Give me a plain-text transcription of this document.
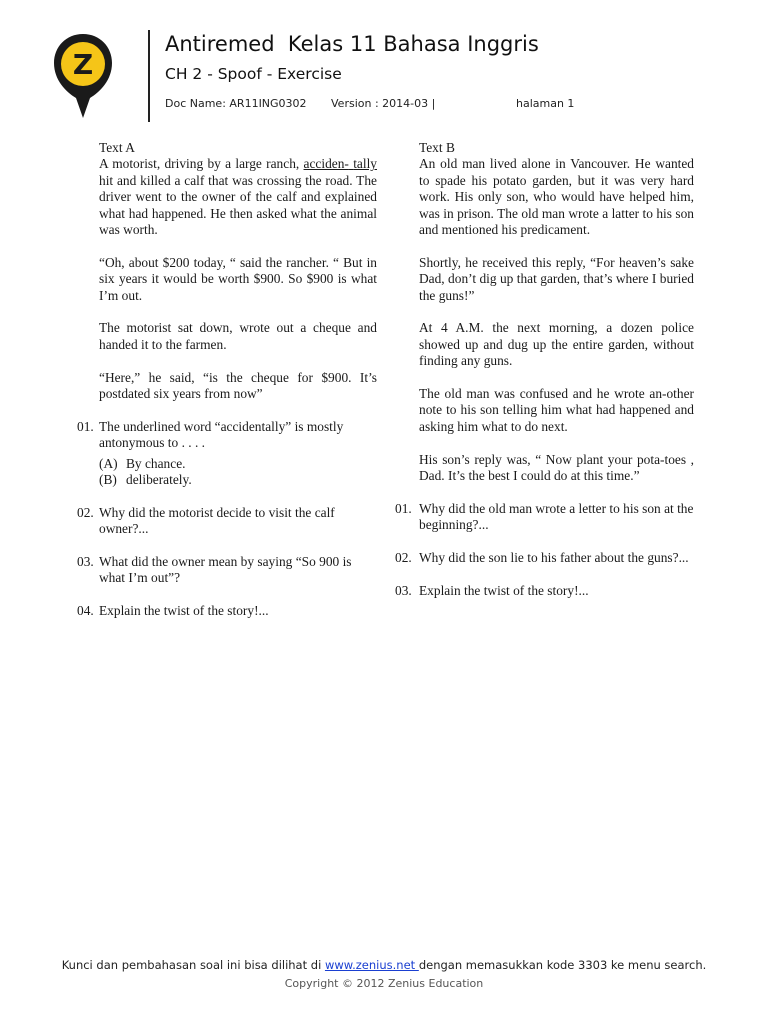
Z
Antiremed  Kelas 11 Bahasa Inggris
CH 2 - Spoof - Exercise
Doc Name: AR11ING0302 Version : 2014-03 |	halaman 1

Text A

A motorist, driving by a large ranch, acciden- tally hit and killed a calf that was crossing the road. The driver went to the owner of the calf and explained what had happened. He then asked what the animal was worth.

“Oh, about $200 today, “ said the rancher. “ But in six years it would be worth $900. So $900 is what I’m out.

The motorist sat down, wrote out a cheque and handed it to the farmen.

“Here,” he said, “is the cheque for $900. It’s postdated six years from now”

01. The underlined word “accidentally” is mostly antonymous to . . . .
(A) By chance.
(B) deliberately.
02. Why did the motorist decide to visit the calf owner?...
03. What did the owner mean by saying “So 900 is what I’m out”?
04. Explain the twist of the story!...

Text B

An old man lived alone in Vancouver. He wanted to spade his potato garden, but it was very hard work. His only son, who would have helped him, was in prison. The old man wrote a latter to his son and mentioned his predicament.

Shortly, he received this reply, “For heaven’s sake Dad, don’t dig up that garden, that’s where I buried the guns!”

At 4 A.M. the next morning, a dozen police showed up and dug up the entire garden, without finding any guns.

The old man was confused and he wrote an-other note to his son telling him what had happened and asking him what to do next.

His son’s reply was, “ Now plant your pota-toes , Dad. It’s the best I could do at this time.”

01. Why did the old man wrote a letter to his son at the beginning?...
02. Why did the son lie to his father about the guns?...
03. Explain the twist of the story!...
Kunci dan pembahasan soal ini bisa dilihat di www.zenius.net dengan memasukkan kode 3303 ke menu search.
Copyright © 2012 Zenius Education
